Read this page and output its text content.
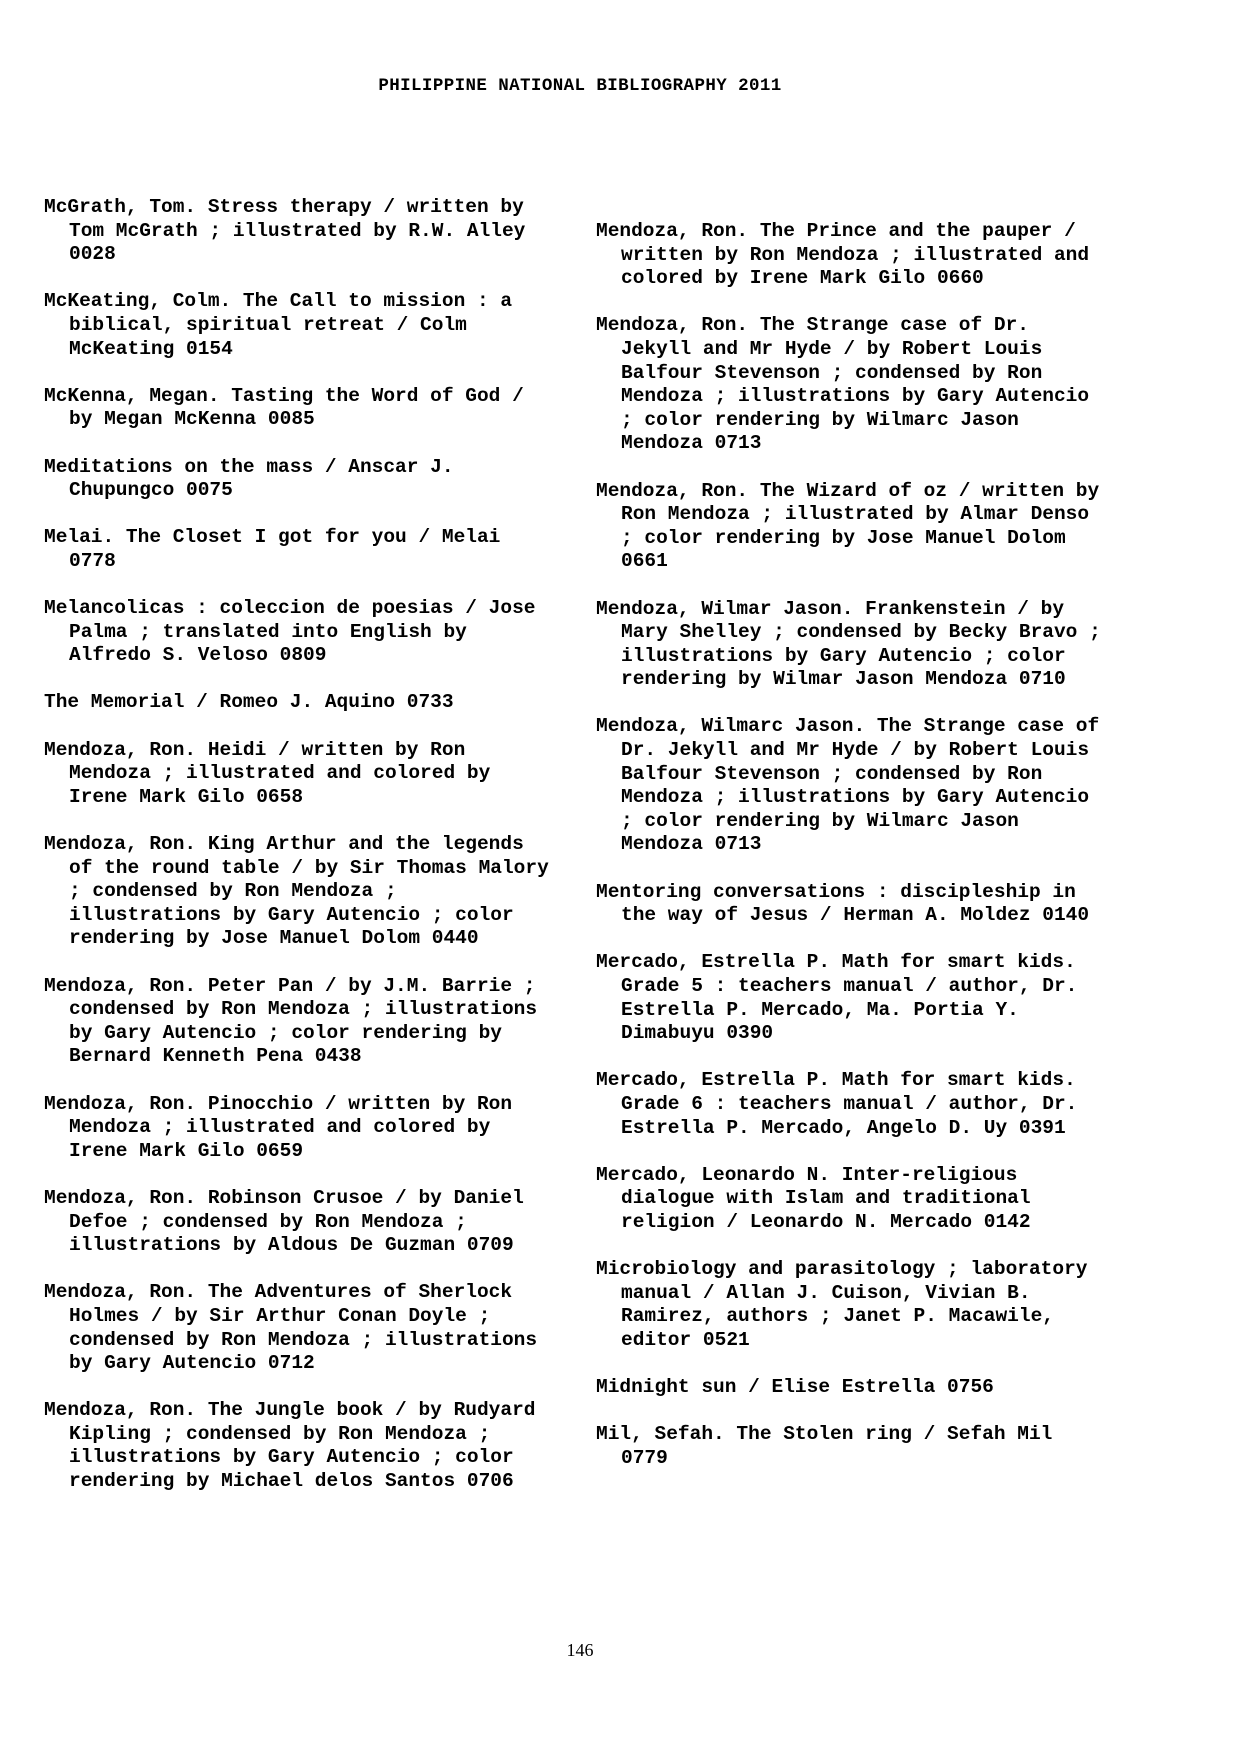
PHILIPPINE NATIONAL BIBLIOGRAPHY 2011

McGrath, Tom. Stress therapy / written by Tom McGrath ; illustrated by R.W. Alley 0028

McKeating, Colm. The Call to mission : a biblical, spiritual retreat / Colm McKeating 0154

McKenna, Megan. Tasting the Word of God / by Megan McKenna 0085

Meditations on the mass / Anscar J. Chupungco 0075

Melai. The Closet I got for you / Melai 0778

Melancolicas : coleccion de poesias / Jose Palma ; translated into English by Alfredo S. Veloso 0809

The Memorial / Romeo J. Aquino 0733

Mendoza, Ron. Heidi / written by Ron Mendoza ; illustrated and colored by Irene Mark Gilo 0658

Mendoza, Ron. King Arthur and the legends of the round table / by Sir Thomas Malory ; condensed by Ron Mendoza ; illustrations by Gary Autencio ; color rendering by Jose Manuel Dolom 0440

Mendoza, Ron. Peter Pan / by J.M. Barrie ; condensed by Ron Mendoza ; illustrations by Gary Autencio ; color rendering by Bernard Kenneth Pena 0438

Mendoza, Ron. Pinocchio / written by Ron Mendoza ; illustrated and colored by Irene Mark Gilo 0659

Mendoza, Ron. Robinson Crusoe / by Daniel Defoe ; condensed by Ron Mendoza ; illustrations by Aldous De Guzman 0709

Mendoza, Ron. The Adventures of Sherlock Holmes / by Sir Arthur Conan Doyle ; condensed by Ron Mendoza ; illustrations by Gary Autencio 0712

Mendoza, Ron. The Jungle book / by Rudyard Kipling ; condensed by Ron Mendoza ; illustrations by Gary Autencio ; color rendering by Michael delos Santos 0706

Mendoza, Ron. The Prince and the pauper / written by Ron Mendoza ; illustrated and colored by Irene Mark Gilo 0660

Mendoza, Ron. The Strange case of Dr. Jekyll and Mr Hyde / by Robert Louis Balfour Stevenson ; condensed by Ron Mendoza ; illustrations by Gary Autencio ; color rendering by Wilmarc Jason Mendoza 0713

Mendoza, Ron. The Wizard of oz / written by Ron Mendoza ; illustrated by Almar Denso ; color rendering by Jose Manuel Dolom 0661

Mendoza, Wilmar Jason. Frankenstein / by Mary Shelley ; condensed by Becky Bravo ; illustrations by Gary Autencio ; color rendering by Wilmar Jason Mendoza 0710

Mendoza, Wilmarc Jason. The Strange case of Dr. Jekyll and Mr Hyde / by Robert Louis Balfour Stevenson ; condensed by Ron Mendoza ; illustrations by Gary Autencio ; color rendering by Wilmarc Jason Mendoza 0713

Mentoring conversations : discipleship in the way of Jesus / Herman A. Moldez 0140

Mercado, Estrella P. Math for smart kids. Grade 5 : teachers manual / author, Dr. Estrella P. Mercado, Ma. Portia Y. Dimabuyu 0390

Mercado, Estrella P. Math for smart kids. Grade 6 : teachers manual / author, Dr. Estrella P. Mercado, Angelo D. Uy 0391

Mercado, Leonardo N. Inter-religious dialogue with Islam and traditional religion / Leonardo N. Mercado 0142

Microbiology and parasitology ; laboratory manual / Allan J. Cuison, Vivian B. Ramirez, authors ; Janet P. Macawile, editor 0521

Midnight sun / Elise Estrella 0756

Mil, Sefah. The Stolen ring / Sefah Mil 0779

146
